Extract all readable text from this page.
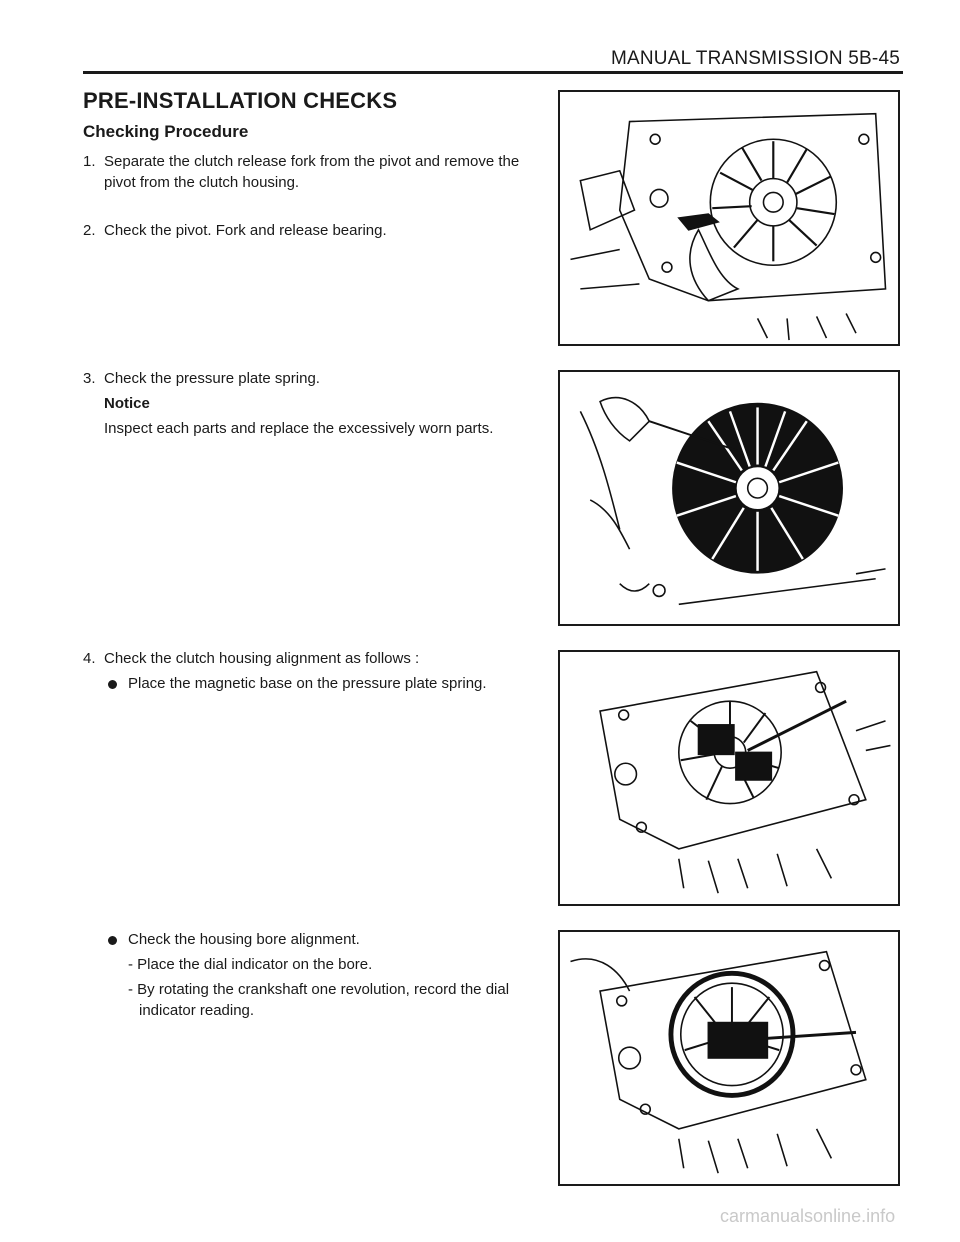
MANUAL TRANSMISSION 5B-45
PRE-INSTALLATION CHECKS
Checking Procedure
1. Separate the clutch release fork from the pivot and remove the pivot from the clutch housing.
2. Check the pivot. Fork and release bearing.
3. Check the pressure plate spring.
Notice
Inspect each parts and replace the excessively worn parts.
4. Check the clutch housing alignment as follows :
Place the magnetic base on the pressure plate spring.
Check the housing bore alignment.
- Place the dial indicator on the bore.
- By rotating the crankshaft one revolution, record the dial indicator reading.
carmanualsonline.info
